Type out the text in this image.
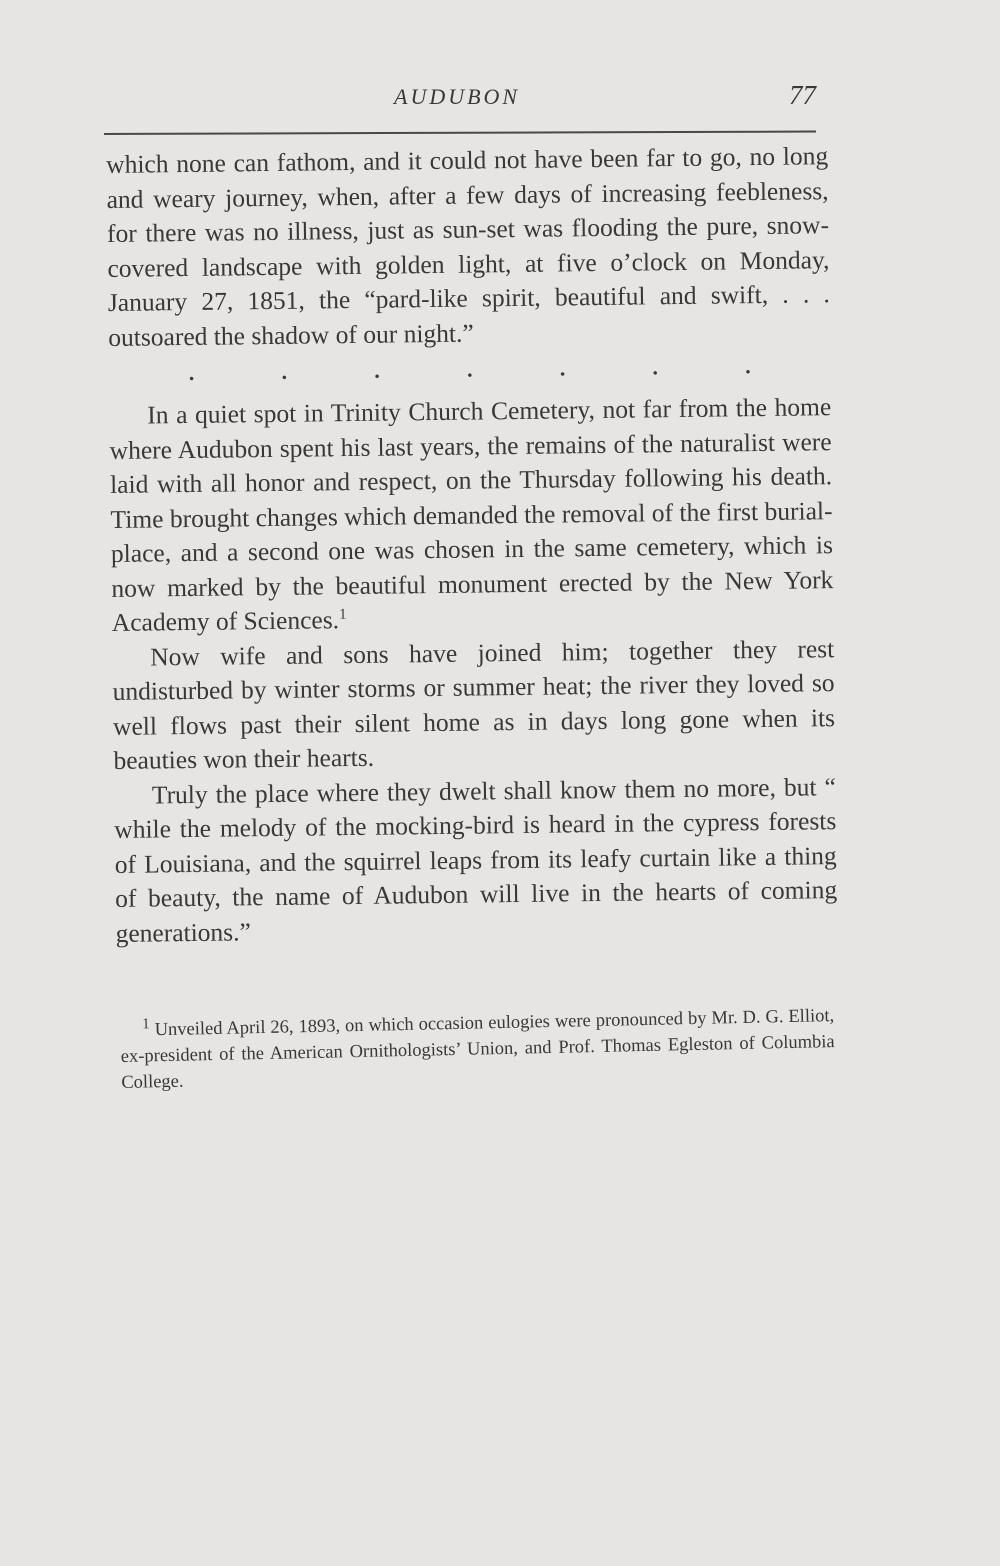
AUDUBON	77

which none can fathom, and it could not have been far to go, no long and weary journey, when, after a few days of increasing feebleness, for there was no illness, just as sun-set was flooding the pure, snow-covered landscape with golden light, at five o’clock on Monday, January 27, 1851, the “pard-like spirit, beautiful and swift, . . . outsoared the shadow of our night.”

.	.	.	.	.	.	.

In a quiet spot in Trinity Church Cemetery, not far from the home where Audubon spent his last years, the remains of the naturalist were laid with all honor and respect, on the Thursday following his death. Time brought changes which demanded the removal of the first burial-place, and a second one was chosen in the same cemetery, which is now marked by the beautiful monument erected by the New York Academy of Sciences.$^1$

Now wife and sons have joined him; together they rest undisturbed by winter storms or summer heat; the river they loved so well flows past their silent home as in days long gone when its beauties won their hearts.

Truly the place where they dwelt shall know them no more, but “ while the melody of the mocking-bird is heard in the cypress forests of Louisiana, and the squirrel leaps from its leafy curtain like a thing of beauty, the name of Audubon will live in the hearts of coming generations.”

$^1$ Unveiled April 26, 1893, on which occasion eulogies were pronounced by Mr. D. G. Elliot, ex-president of the American Ornithologists’ Union, and Prof. Thomas Egleston of Columbia College.
